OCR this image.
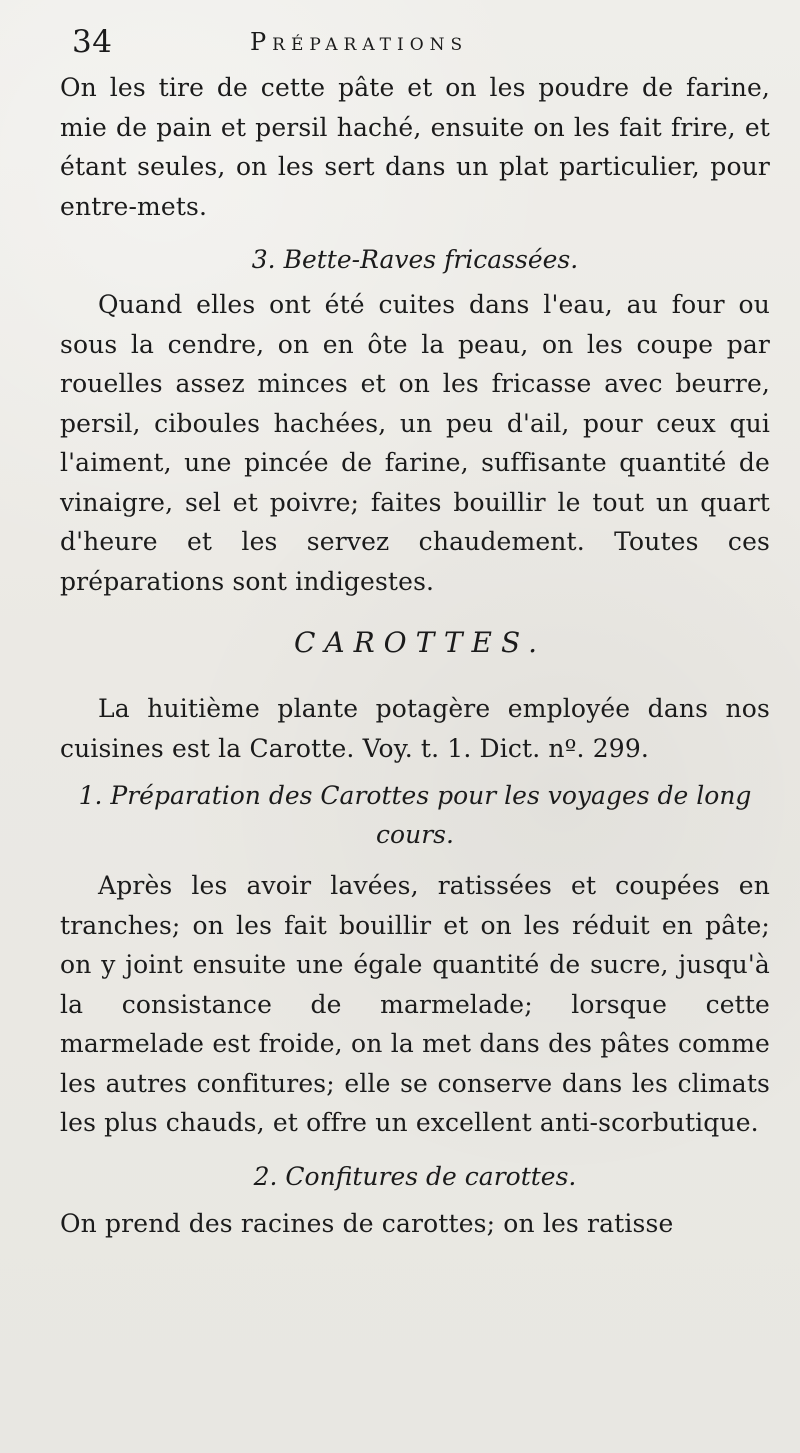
34	Préparations

On les tire de cette pâte et on les poudre de farine, mie de pain et persil haché, ensuite on les fait frire, et étant seules, on les sert dans un plat particulier, pour entre-mets.

3. Bette-Raves fricassées.

Quand elles ont été cuites dans l'eau, au four ou sous la cendre, on en ôte la peau, on les coupe par rouelles assez minces et on les fricasse avec beurre, persil, ciboules hachées, un peu d'ail, pour ceux qui l'aiment, une pincée de farine, suffisante quantité de vinaigre, sel et poivre; faites bouillir le tout un quart d'heure et les servez chaudement. Toutes ces préparations sont indigestes.

CAROTTES.

La huitième plante potagère employée dans nos cuisines est la Carotte. Voy. t. 1. Dict. nº. 299.

1. Préparation des Carottes pour les voyages de long cours.

Après les avoir lavées, ratissées et coupées en tranches; on les fait bouillir et on les réduit en pâte; on y joint ensuite une égale quantité de sucre, jusqu'à la consistance de marmelade; lorsque cette marmelade est froide, on la met dans des pâtes comme les autres confitures; elle se conserve dans les climats les plus chauds, et offre un excellent anti-scorbutique.

2. Confitures de carottes.

On prend des racines de carottes; on les ratisse
